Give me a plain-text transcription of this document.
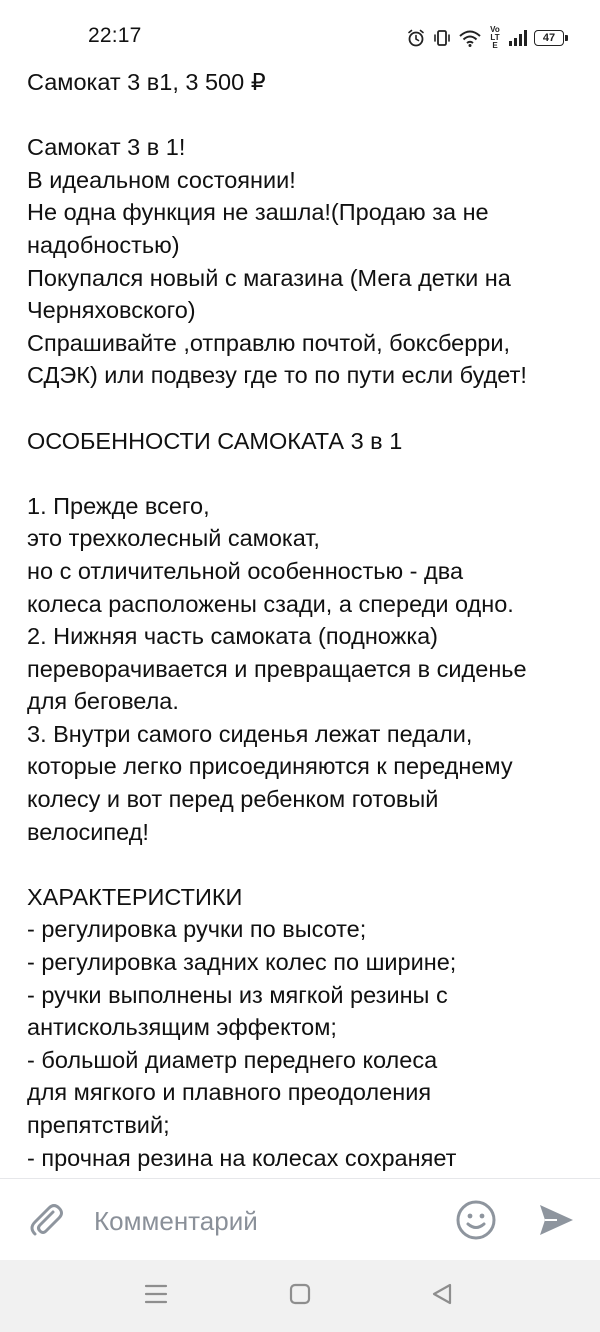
22:17	Vo LTE
47
Самокат 3 в1, 3 500 ₽
Самокат 3 в 1!
В идеальном состоянии!
Не одна функция не зашла!(Продаю за не
надобностью)
Покупался новый с магазина (Мега детки на
Черняховского)
Спрашивайте ,отправлю почтой, боксберри,
СДЭК) или подвезу где то по пути если будет!
ОСОБЕННОСТИ САМОКАТА 3 в 1
1. Прежде всего,
это трехколесный самокат,
но с отличительной особенностью - два
колеса расположены сзади, а спереди одно.
2. Нижняя часть самоката (подножка)
переворачивается и превращается в сиденье
для беговела.
3. Внутри самого сиденья лежат педали,
которые легко присоединяются к переднему
колесу и вот перед ребенком готовый
велосипед!
ХАРАКТЕРИСТИКИ
- регулировка ручки по высоте;
- регулировка задних колес по ширине;
- ручки выполнены из мягкой резины с
антискользящим эффектом;
- большой диаметр переднего колеса
для мягкого и плавного преодоления
препятствий;
- прочная резина на колесах сохраняет
Комментарий
